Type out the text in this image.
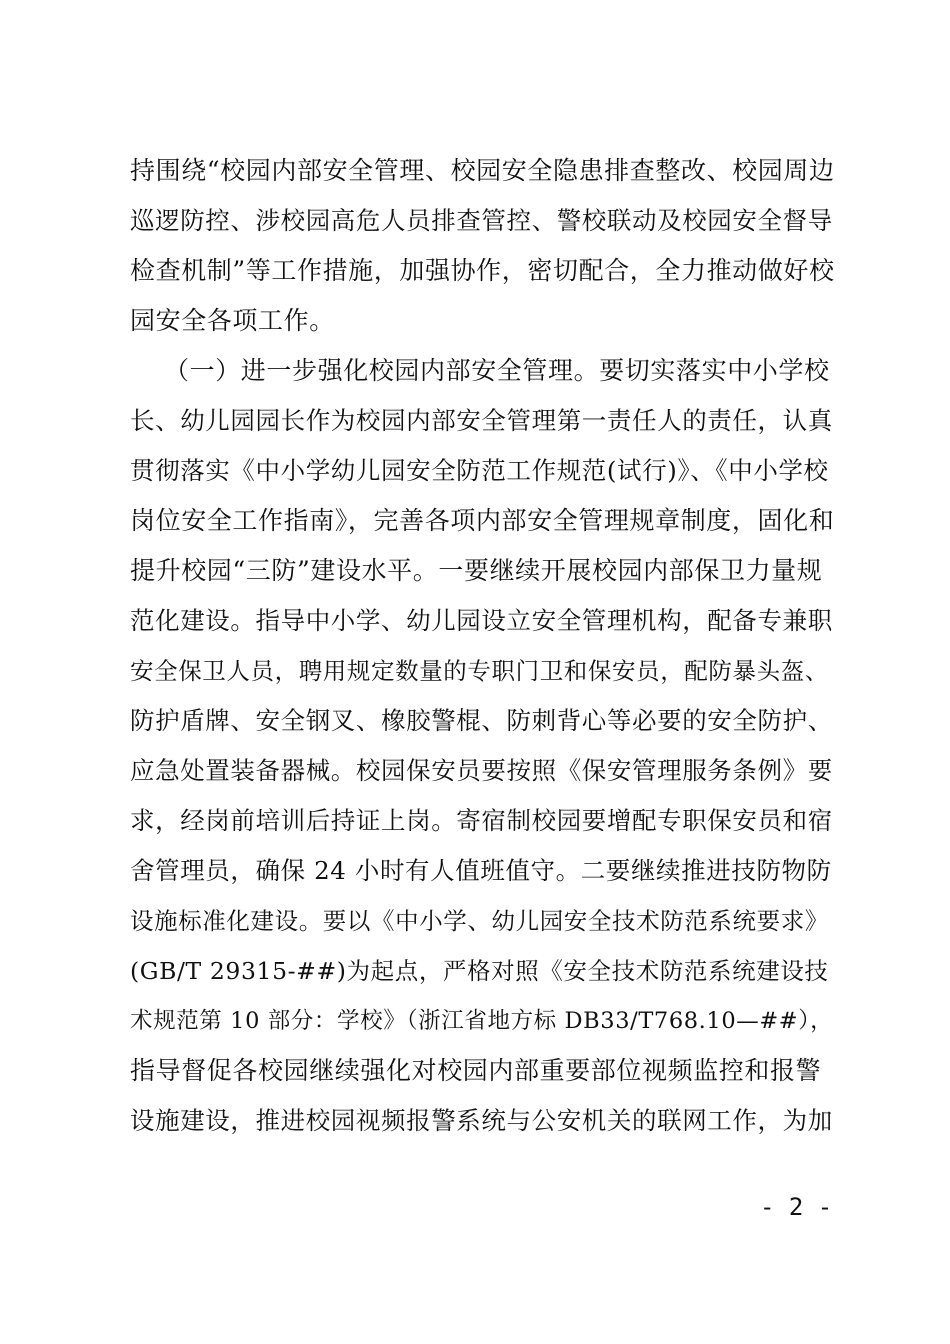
持围绕“校园内部安全管理、校园安全隐患排查整改、校园周边
巡逻防控、涉校园高危人员排查管控、警校联动及校园安全督导
检查机制”等工作措施，加强协作，密切配合，全力推动做好校
园安全各项工作。
（一）进一步强化校园内部安全管理。要切实落实中小学校
长、幼儿园园长作为校园内部安全管理第一责任人的责任，认真
贯彻落实《中小学幼儿园安全防范工作规范(试行)》、《中小学校
岗位安全工作指南》，完善各项内部安全管理规章制度，固化和
提升校园“三防”建设水平。一要继续开展校园内部保卫力量规
范化建设。指导中小学、幼儿园设立安全管理机构，配备专兼职
安全保卫人员，聘用规定数量的专职门卫和保安员，配防暴头盔、
防护盾牌、安全钢叉、橡胶警棍、防刺背心等必要的安全防护、
应急处置装备器械。校园保安员要按照《保安管理服务条例》要
求，经岗前培训后持证上岗。寄宿制校园要增配专职保安员和宿
舍管理员，确保 24 小时有人值班值守。二要继续推进技防物防
设施标准化建设。要以《中小学、幼儿园安全技术防范系统要求》
(GB/T 29315-##)为起点，严格对照《安全技术防范系统建设技
术规范第 10 部分：学校》（浙江省地方标 DB33/T768.10—##），
指导督促各校园继续强化对校园内部重要部位视频监控和报警
设施建设，推进校园视频报警系统与公安机关的联网工作，为加
- 2 -
